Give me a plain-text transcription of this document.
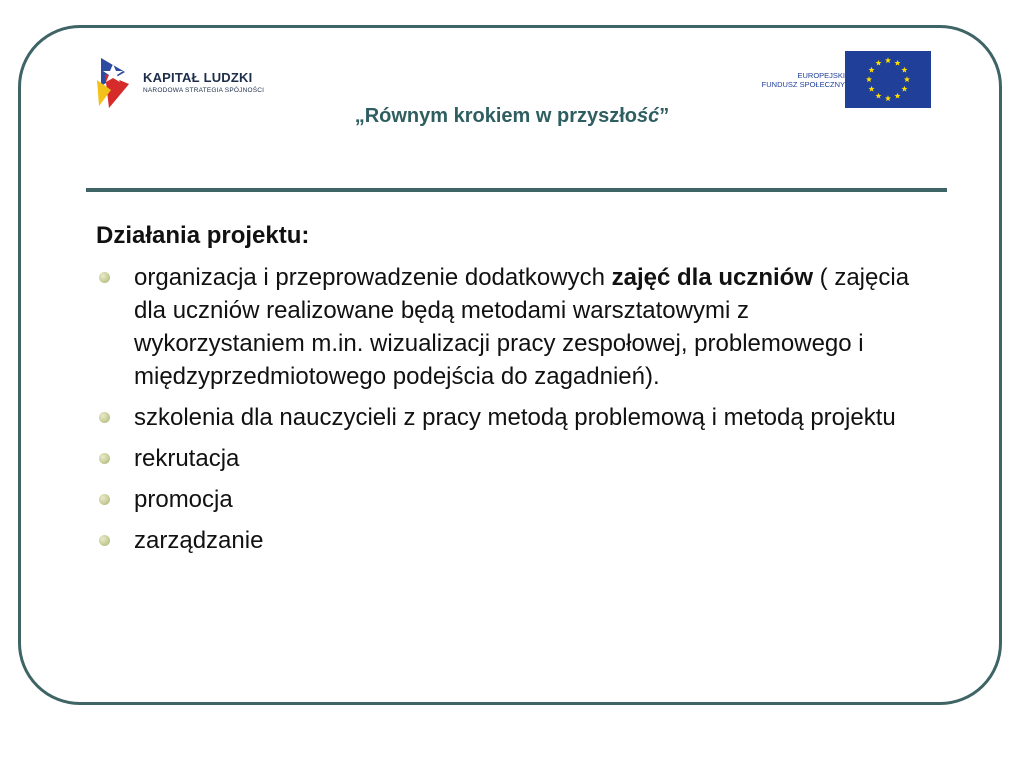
KAPITAŁ LUDZKI
NARODOWA STRATEGIA SPÓJNOŚCI
EUROPEJSKI
FUNDUSZ SPOŁECZNY
„Równym krokiem w przyszłość”
Działania projektu:
organizacja i przeprowadzenie dodatkowych zajęć dla uczniów ( zajęcia dla uczniów realizowane będą metodami warsztatowymi z wykorzystaniem m.in. wizualizacji pracy zespołowej, problemowego i międzyprzedmiotowego podejścia do zagadnień).
szkolenia dla nauczycieli z pracy metodą problemową i metodą projektu
rekrutacja
promocja
zarządzanie
